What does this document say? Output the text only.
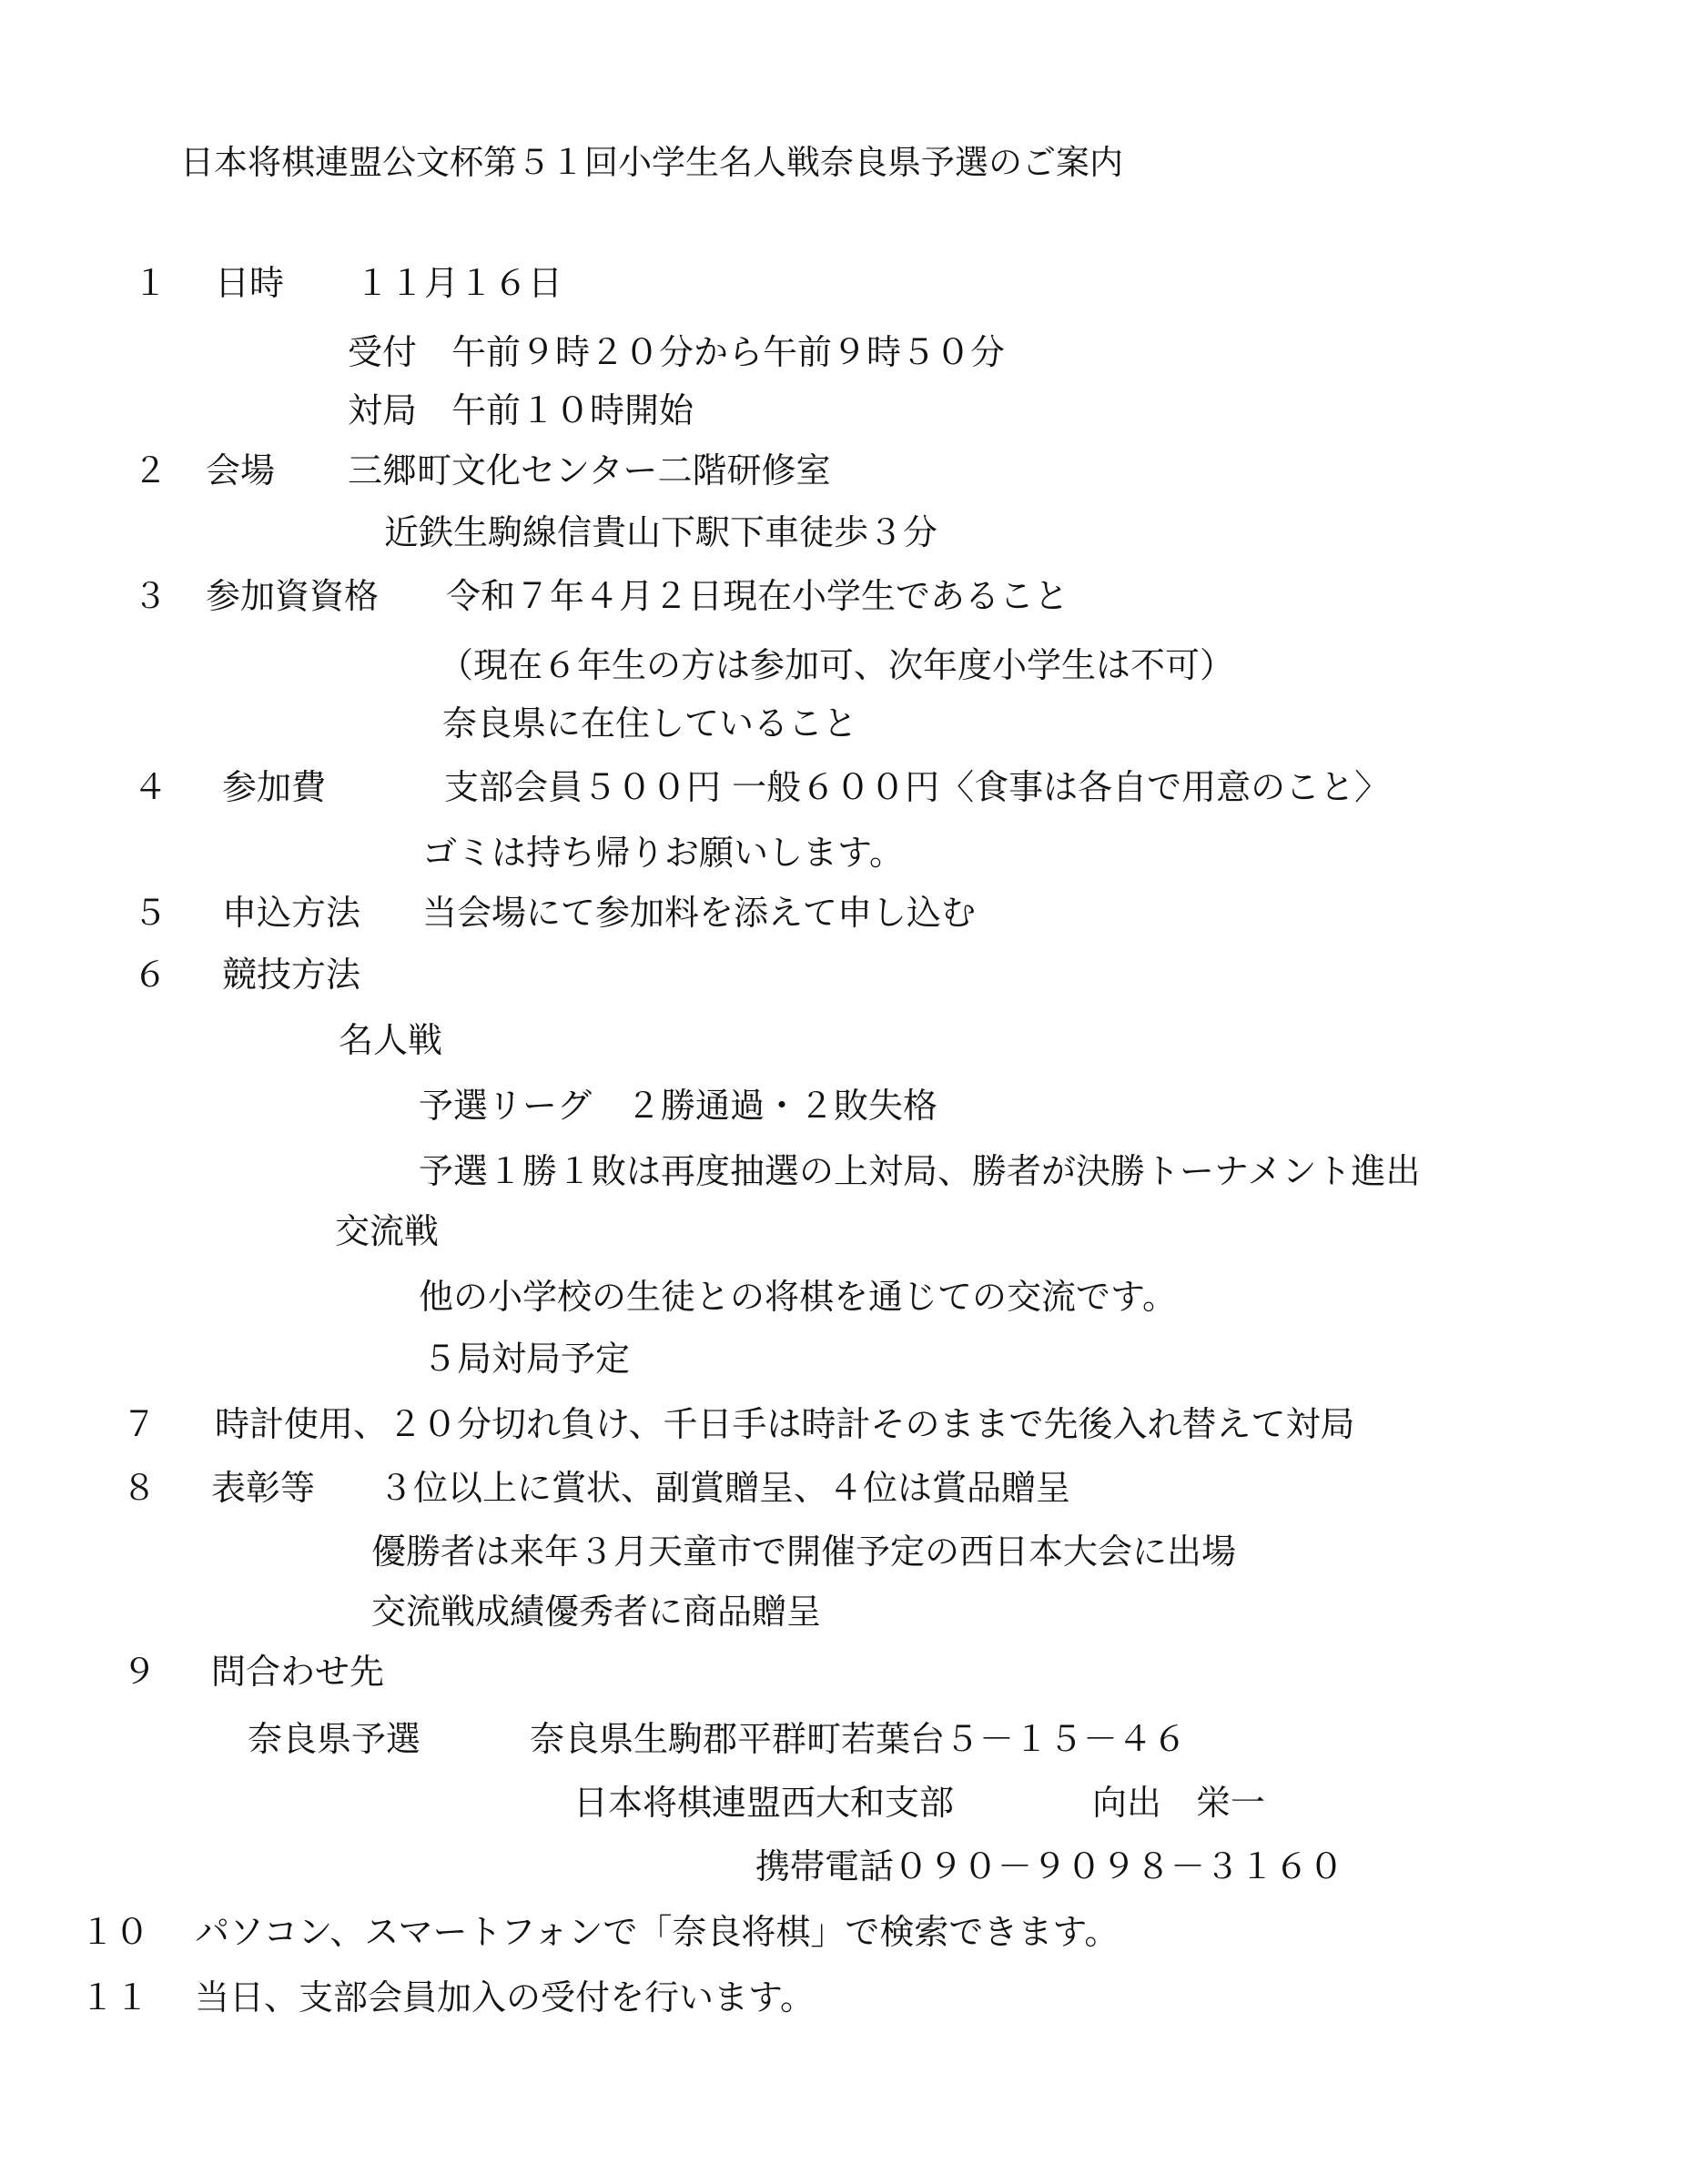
日本将棋連盟公文杯第５１回小学生名人戦奈良県予選のご案内
１ 日時 １１月１６日
受付　午前９時２０分から午前９時５０分
対局　午前１０時開始
２ 会場 三郷町文化センター二階研修室
近鉄生駒線信貴山下駅下車徒歩３分
３ 参加資資格 令和７年４月２日現在小学生であること
（現在６年生の方は参加可、次年度小学生は不可）
奈良県に在住していること
４ 参加費	支部会員５００円 一般６００円〈食事は各自で用意のこと〉
ゴミは持ち帰りお願いします。
５ 申込方法 当会場にて参加料を添えて申し込む
６ 競技方法
名人戦
予選リーグ　２勝通過・２敗失格
予選１勝１敗は再度抽選の上対局、勝者が決勝トーナメント進出
交流戦
他の小学校の生徒との将棋を通じての交流です。
５局対局予定
７ 時計使用、２０分切れ負け、千日手は時計そのままで先後入れ替えて対局
８ 表彰等 ３位以上に賞状、副賞贈呈、４位は賞品贈呈
優勝者は来年３月天童市で開催予定の西日本大会に出場
交流戦成績優秀者に商品贈呈
９ 問合わせ先
奈良県予選	奈良県生駒郡平群町若葉台５－１５－４６
日本将棋連盟西大和支部	向出　栄一
携帯電話０９０－９０９８－３１６０
１０ パソコン、スマートフォンで「奈良将棋」で検索できます。
１１ 当日、支部会員加入の受付を行います。
